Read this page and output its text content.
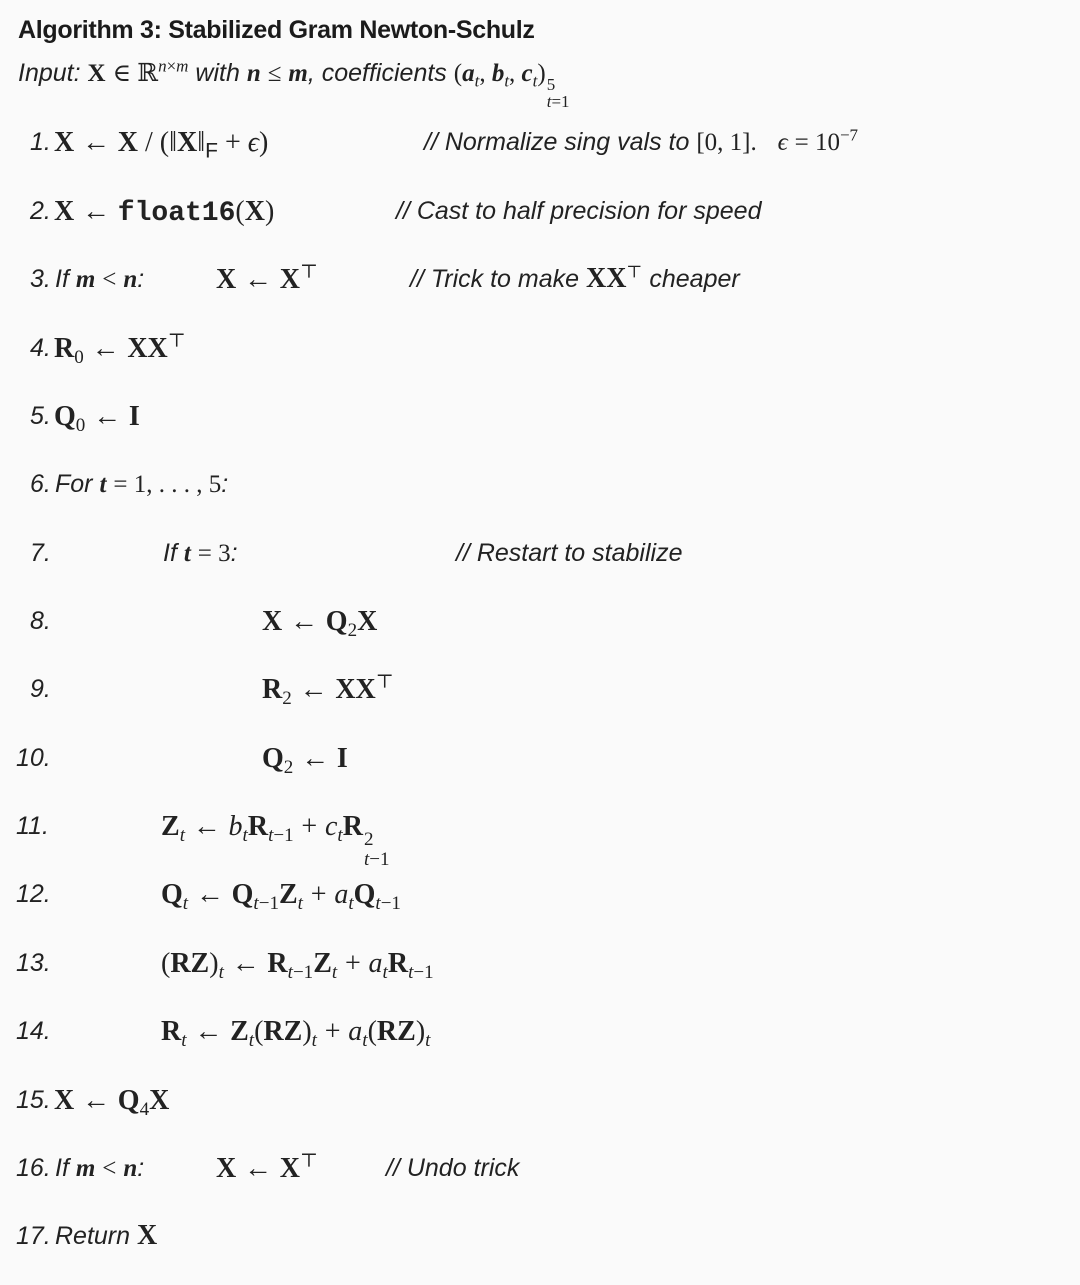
Algorithm 3: Stabilized Gram Newton-Schulz
Input: X ∈ ℝ$^{n\times m}$ with n ≤ m, coefficients ($a_t$, $b_t$, $c_t$) 5
t=1
1. X ← $X / (‖X‖_F + \epsilon)$	// Normalize sing vals to [0, 1]. $\epsilon = 10^{-7}$
2. X ← float16(X)	// Cast to half precision for speed
3. If m < n:	X ← X⊤	// Trick to make XX⊤ cheaper
4. $R_0$ ← XX⊤
5. $Q_0$ ← I
6. For t = 1, . . . , 5:
7.	If t = 3:	// Restart to stabilize
8.	X ← $Q_2X$
9.	$R_2$ ← XX⊤
10.	$Q_2$ ← I
11.	$Z_t$ ← $b_tR_{t-1} + c_tR$ 2
t−1
12.	$Q_t$ ← $Q_{t-1}Z_t + a_tQ_{t-1}$
13.	$(RZ)_t$ ← $R_{t-1}Z_t + a_tR_{t-1}$
14.	$R_t$ ← $Z_t(RZ)_t + a_t(RZ)_t$
15. X ← $Q_4X$
16. If m < n:	X ← X⊤	// Undo trick
17. Return X
